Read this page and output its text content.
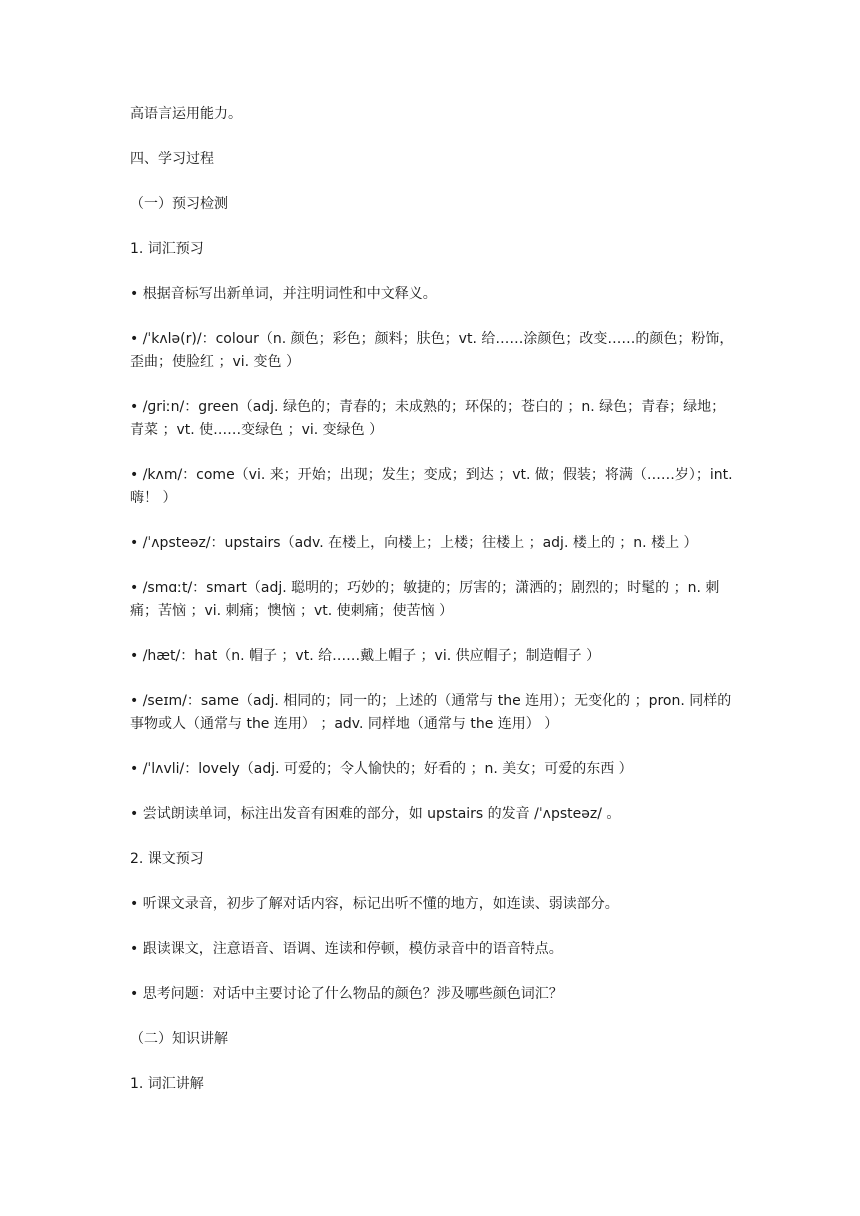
高语言运用能力。

四、学习过程

（一）预习检测

1. 词汇预习

• 根据音标写出新单词，并注明词性和中文释义。

• /ˈkʌlə(r)/：colour（n. 颜色；彩色；颜料；肤色；vt. 给……涂颜色；改变……的颜色；粉饰，歪曲；使脸红 ；vi. 变色 ）

• /ɡriːn/：green（adj. 绿色的；青春的；未成熟的；环保的；苍白的 ；n. 绿色；青春；绿地；青菜 ；vt. 使……变绿色 ；vi. 变绿色 ）

• /kʌm/：come（vi. 来；开始；出现；发生；变成；到达 ；vt. 做；假装；将满（……岁）；int. 嗨！ ）

• /ˈʌpsteəz/：upstairs（adv. 在楼上，向楼上；上楼；往楼上 ；adj. 楼上的 ；n. 楼上 ）

• /smɑːt/：smart（adj. 聪明的；巧妙的；敏捷的；厉害的；潇洒的；剧烈的；时髦的 ；n. 刺痛；苦恼 ；vi. 刺痛；懊恼 ；vt. 使刺痛；使苦恼 ）

• /hæt/：hat（n. 帽子 ；vt. 给……戴上帽子 ；vi. 供应帽子；制造帽子 ）

• /seɪm/：same（adj. 相同的；同一的；上述的（通常与 the 连用）；无变化的 ；pron. 同样的事物或人（通常与 the 连用） ；adv. 同样地（通常与 the 连用） ）

• /ˈlʌvli/：lovely（adj. 可爱的；令人愉快的；好看的 ；n. 美女；可爱的东西 ）

• 尝试朗读单词，标注出发音有困难的部分，如 upstairs 的发音 /ˈʌpsteəz/ 。

2. 课文预习

• 听课文录音，初步了解对话内容，标记出听不懂的地方，如连读、弱读部分。

• 跟读课文，注意语音、语调、连读和停顿，模仿录音中的语音特点。

• 思考问题：对话中主要讨论了什么物品的颜色？涉及哪些颜色词汇？

（二）知识讲解

1. 词汇讲解
